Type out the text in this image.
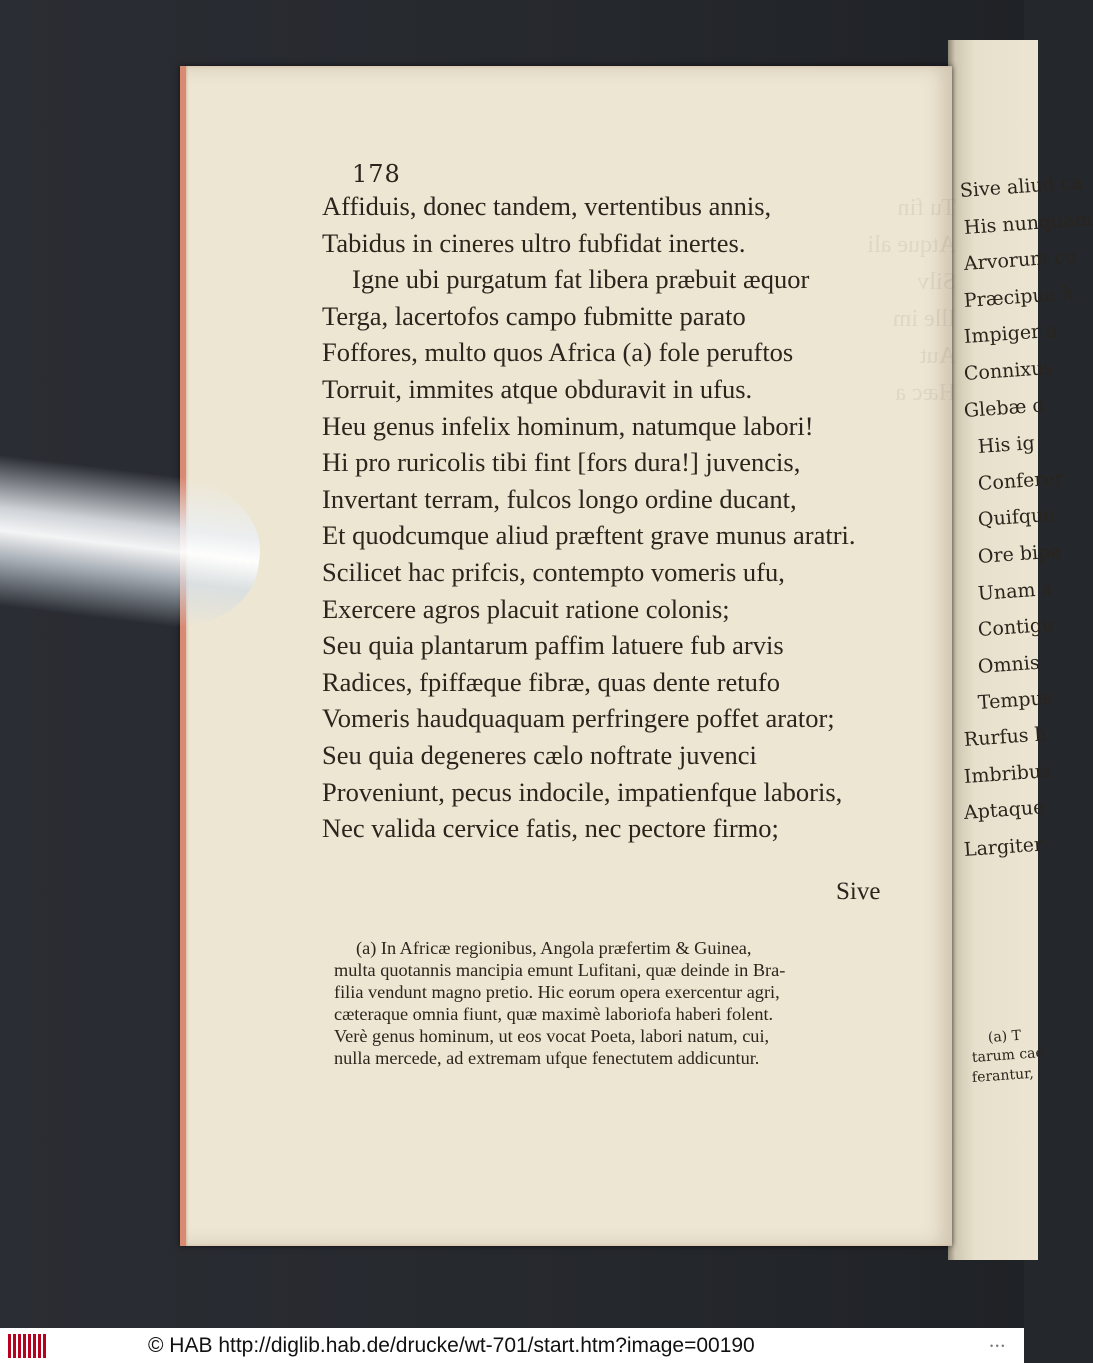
Sive aliud ca
His nunquam
Arvorum cu
Præcipua h
Impiger a
Connixus
Glebæ o
His ig
Conferer
Quifque
Ore bipa
Unam a
Contigu
Omnis
Tempus
Rurfus h
Imbribus
Aptaque
Largiter
(a) T
tarum cae
ferantur,
Tu fin
Atque ali
Silv
Ille im
Aut
Hæc a

178
Affiduis, donec tandem, vertentibus annis,
Tabidus in cineres ultro fubfidat inertes.
Igne ubi purgatum fat libera præbuit æquor
Terga, lacertofos campo fubmitte parato
Foffores, multo quos Africa (a) fole peruftos
Torruit, immites atque obduravit in ufus.
Heu genus infelix hominum, natumque labori!
Hi pro ruricolis tibi fint [fors dura!] juvencis,
Invertant terram, fulcos longo ordine ducant,
Et quodcumque aliud præftent grave munus aratri.
Scilicet hac prifcis, contempto vomeris ufu,
Exercere agros placuit ratione colonis;
Seu quia plantarum paffim latuere fub arvis
Radices, fpiffæque fibræ, quas dente retufo
Vomeris haudquaquam perfringere poffet arator;
Seu quia degeneres cælo noftrate juvenci
Proveniunt, pecus indocile, impatienfque laboris,
Nec valida cervice fatis, nec pectore firmo;
Sive
(a) In Africæ regionibus, Angola præfertim & Guinea,
multa quotannis mancipia emunt Lufitani, quæ deinde in Bra-
filia vendunt magno pretio. Hic eorum opera exercentur agri,
cæteraque omnia fiunt, quæ maximè laboriofa haberi folent.
Verè genus hominum, ut eos vocat Poeta, labori natum, cui,
nulla mercede, ad extremam ufque fenectutem addicuntur.
© HAB http://diglib.hab.de/drucke/wt-701/start.htm?image=00190	• • •
